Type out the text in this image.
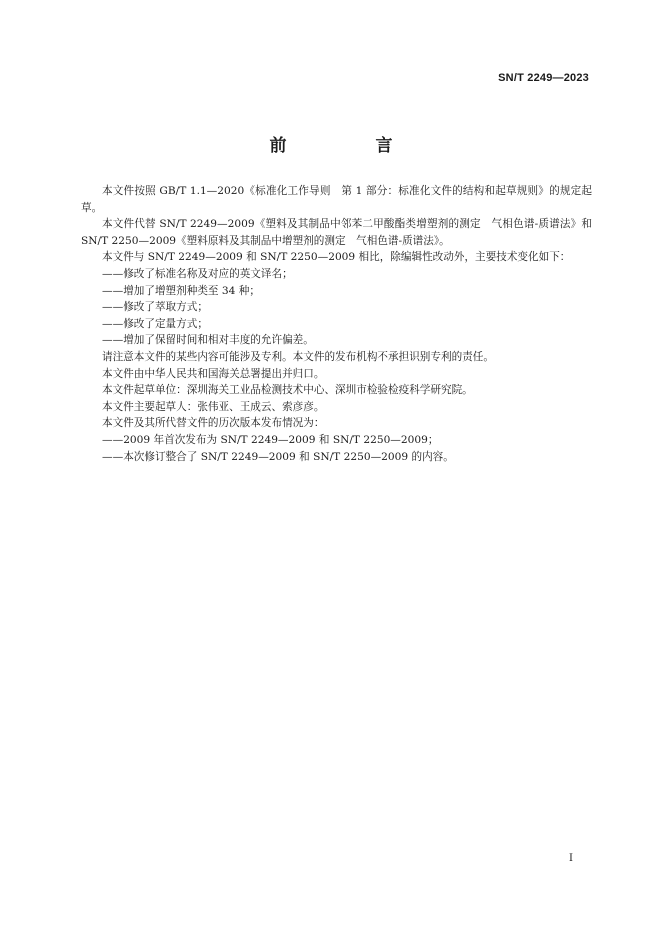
SN/T 2249—2023
前　言

本文件按照 GB/T 1.1—2020《标准化工作导则　第 1 部分：标准化文件的结构和起草规则》的规定起草。

本文件代替 SN/T 2249—2009《塑料及其制品中邻苯二甲酸酯类增塑剂的测定　气相色谱-质谱法》和 SN/T 2250—2009《塑料原料及其制品中增塑剂的测定　气相色谱-质谱法》。

本文件与 SN/T 2249—2009 和 SN/T 2250—2009 相比，除编辑性改动外，主要技术变化如下：

——修改了标准名称及对应的英文译名；

——增加了增塑剂种类至 34 种；

——修改了萃取方式；

——修改了定量方式；

——增加了保留时间和相对丰度的允许偏差。

请注意本文件的某些内容可能涉及专利。本文件的发布机构不承担识别专利的责任。

本文件由中华人民共和国海关总署提出并归口。

本文件起草单位：深圳海关工业品检测技术中心、深圳市检验检疫科学研究院。

本文件主要起草人：张伟亚、王成云、索彦彦。

本文件及其所代替文件的历次版本发布情况为：

——2009 年首次发布为 SN/T 2249—2009 和 SN/T 2250—2009；

——本次修订整合了 SN/T 2249—2009 和 SN/T 2250—2009 的内容。

I
